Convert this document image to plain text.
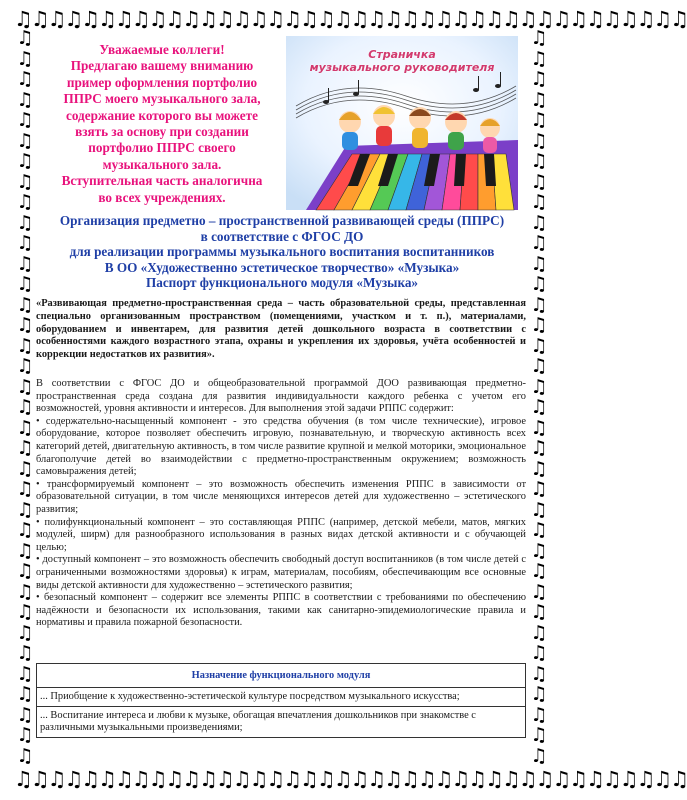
♫♫♫♫♫♫♫♫♫♫♫♫♫♫♫♫♫♫♫♫♫♫♫♫♫♫♫♫♫♫♫♫♫♫♫♫♫♫♫♫
♫♫♫♫♫♫♫♫♫♫♫♫♫♫♫♫♫♫♫♫♫♫♫♫♫♫♫♫♫♫♫♫♫♫♫♫♫♫♫♫
♫
♫
♫
♫
♫
♫
♫
♫
♫
♫
♫
♫
♫
♫
♫
♫
♫
♫
♫
♫
♫
♫
♫
♫
♫
♫
♫
♫
♫
♫
♫
♫
♫
♫
♫
♫
♫
♫
♫
♫
♫
♫
♫
♫
♫
♫
♫
♫
♫
♫
♫
♫
♫
♫
♫
♫
♫
♫
♫
♫
♫
♫
♫
♫
♫
♫
♫
♫
♫
♫
♫
♫
Уважаемые коллеги!
Предлагаю вашему вниманию
пример оформления портфолио
ППРС моего музыкального зала,
содержание которого вы можете
взять за основу при создании
портфолио ППРС своего
музыкального зала.
Вступительная часть аналогична
во всех учреждениях.
Страничка
музыкального руководителя
Организация предметно – пространственной развивающей среды (ППРС)
в соответствие с ФГОС ДО
для реализации программы музыкального воспитания воспитанников
В ОО «Художественно эстетическое творчество» «Музыка»
Паспорт функционального модуля «Музыка»
«Развивающая предметно-пространственная среда – часть образовательной среды, представленная специально организованным пространством (помещениями, участком и т. п.), материалами, оборудованием и инвентарем, для развития детей дошкольного возраста в соответствии с особенностями каждого возрастного этапа, охраны и укрепления их здоровья, учёта особенностей и коррекции недостатков их развития».

В соответствии с ФГОС ДО и общеобразовательной программой ДОО развивающая предметно-пространственная среда создана для развития индивидуальности каждого ребенка с учетом его возможностей, уровня активности и интересов. Для выполнения этой задачи РППС содержит:

• содержательно-насыщенный компонент - это средства обучения (в том числе технические), игровое оборудование, которое позволяет обеспечить игровую, познавательную, и творческую активность всех категорий детей, двигательную активность, в том числе развитие крупной и мелкой моторики, эмоциональное благополучие детей во взаимодействии с предметно-пространственным окружением; возможность самовыражения детей;

• трансформируемый компонент – это возможность обеспечить изменения РППС в зависимости от образовательной ситуации, в том числе меняющихся интересов детей для художественно – эстетического развития;

• полифункциональный компонент – это составляющая РППС (например, детской мебели, матов, мягких модулей, ширм) для разнообразного использования в разных видах детской активности и с обучающей целью;

• доступный компонент – это возможность обеспечить свободный доступ воспитанников (в том числе детей с ограниченными возможностями здоровья) к играм, материалам, пособиям, обеспечивающим все основные виды детской активности для художественно – эстетического развития;

• безопасный компонент – содержит все элементы РППС в соответствии с требованиями по обеспечению надёжности и безопасности их использования, такими как санитарно-эпидемиологические правила и нормативы и правила пожарной безопасности.

Назначение функционального модуля
... Приобщение к художественно-эстетической культуре посредством музыкального искусства;
... Воспитание интереса и любви к музыке, обогащая впечатления дошкольников при знакомстве с различными музыкальными произведениями;
